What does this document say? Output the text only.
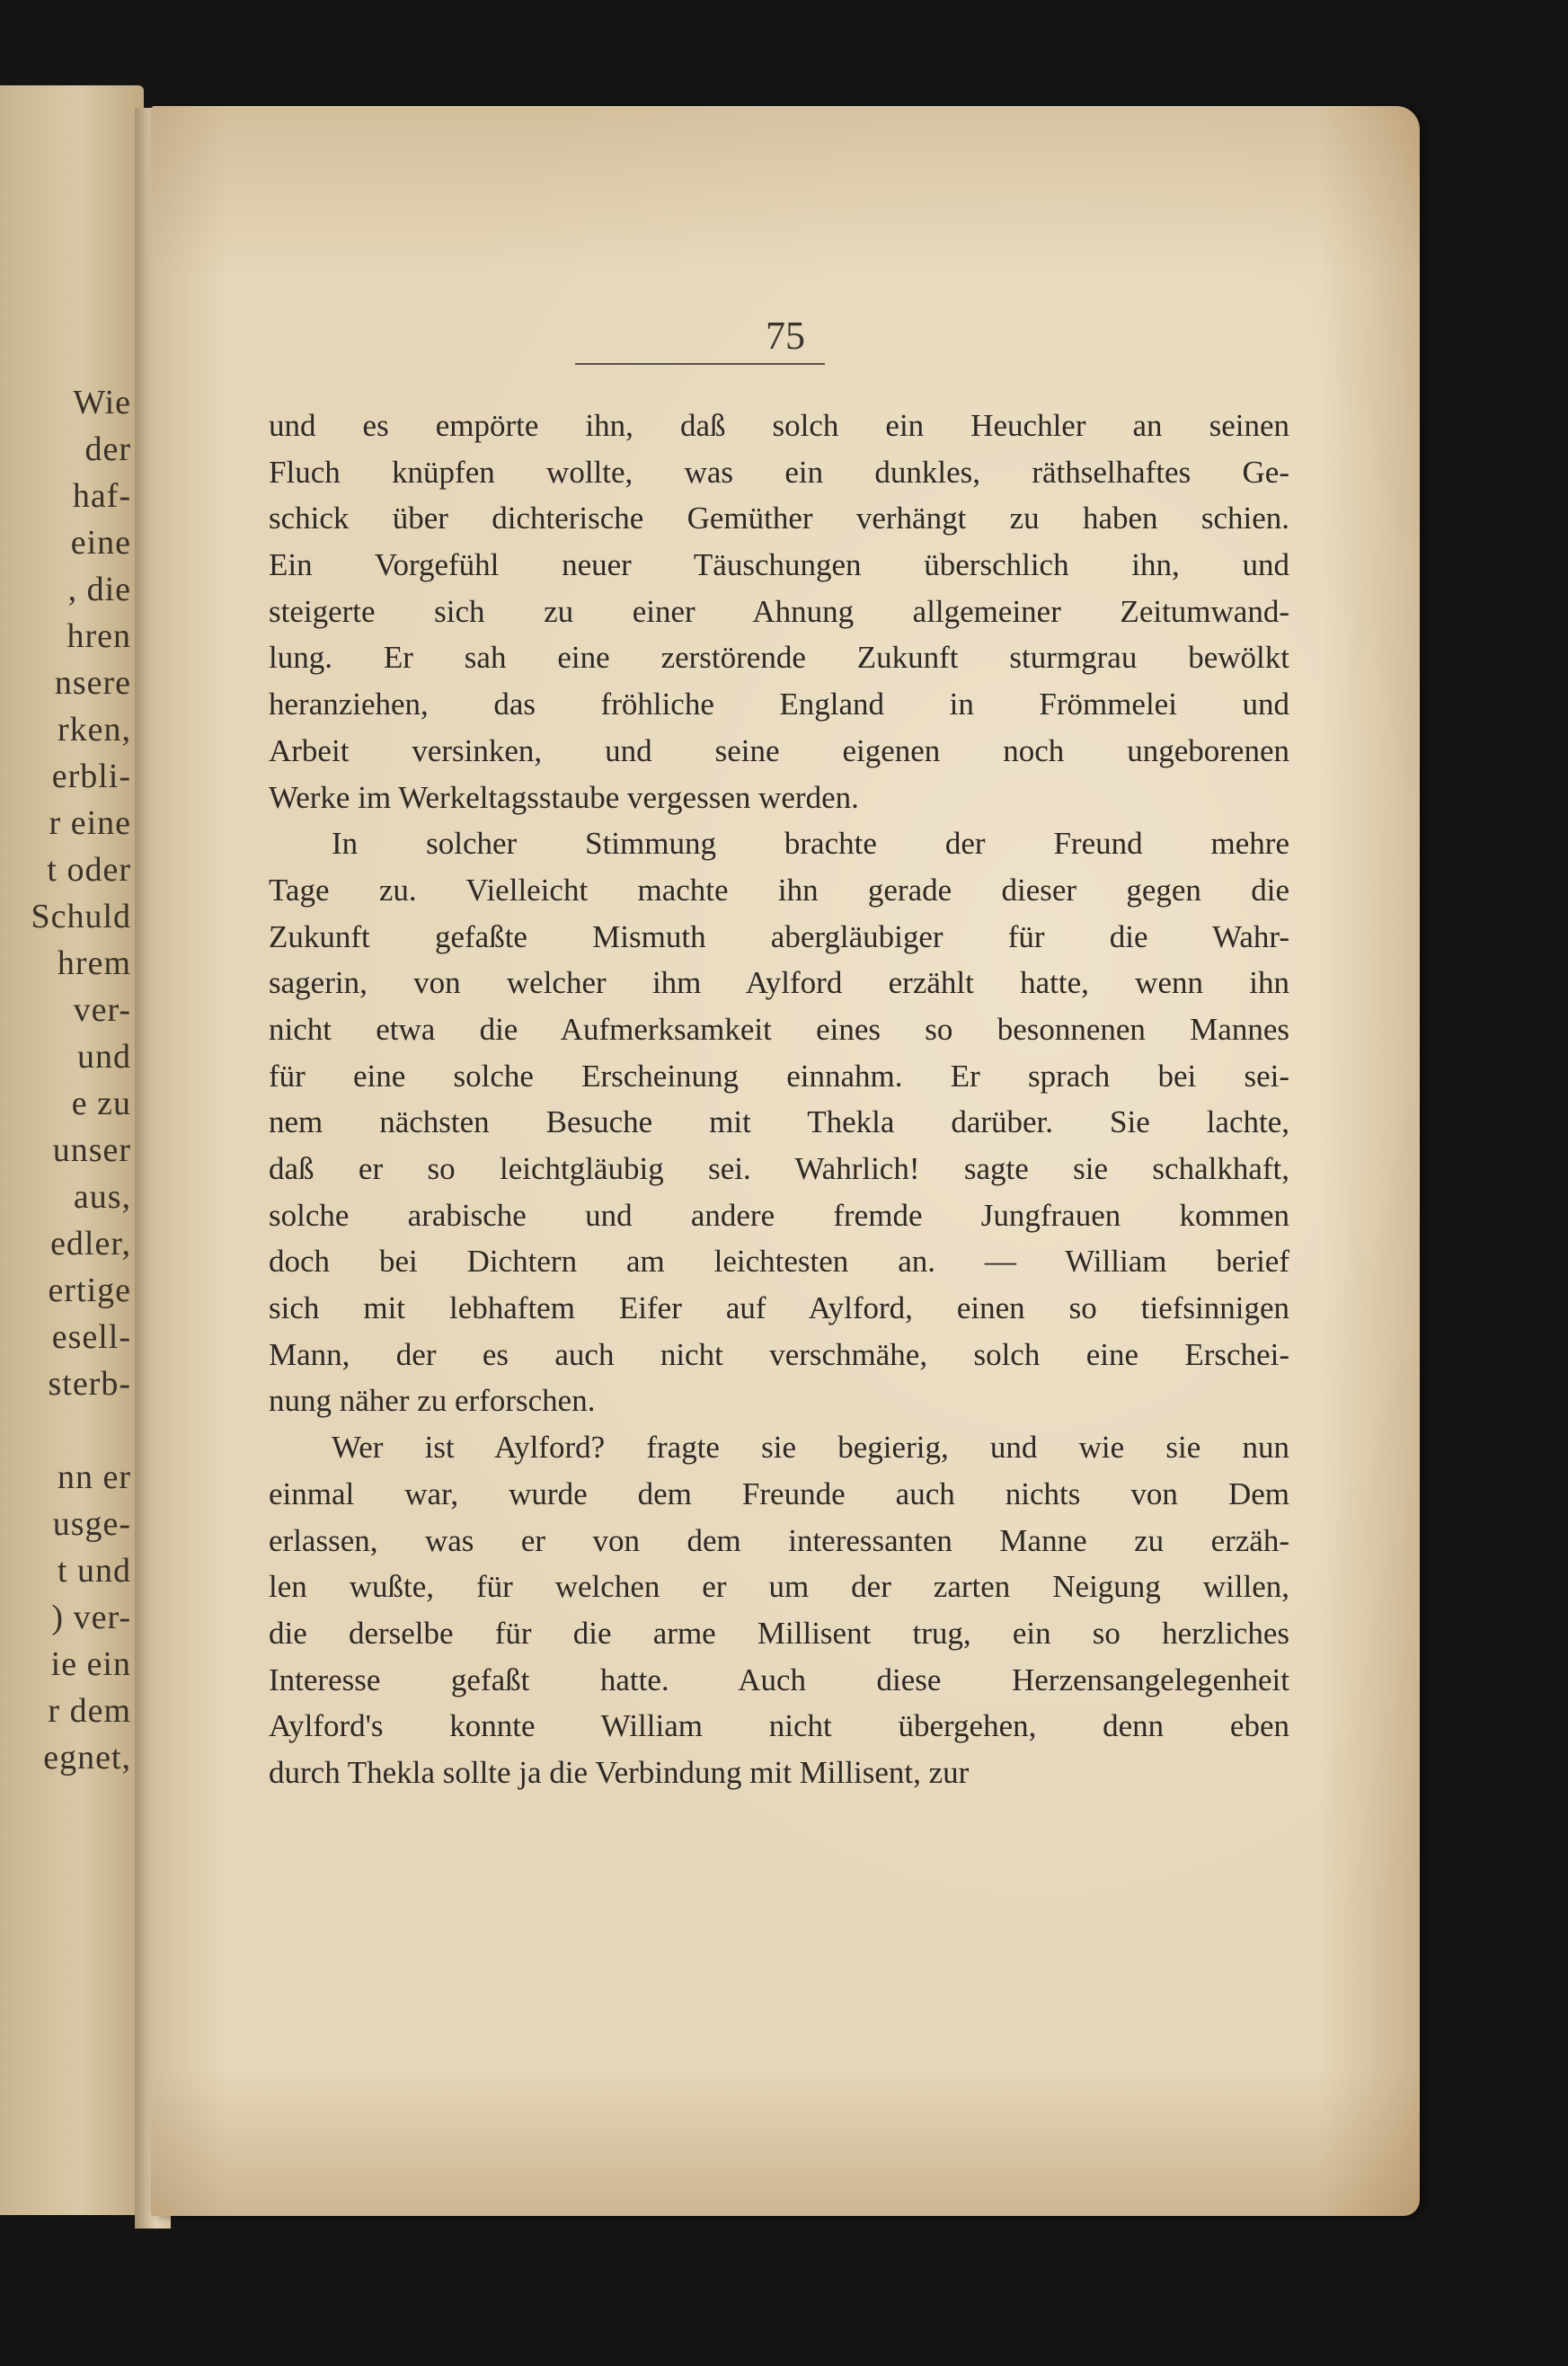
Wie
der
haf-
eine
, die
hren
nsere
rken,
erbli-
r eine
t oder
Schuld
hrem
ver-
und
e zu
unser
aus,
edler,
ertige
esell-
sterb-
nn er
usge-
t und
) ver-
ie ein
r dem
egnet,
75
und es empörte ihn, daß solch ein Heuchler an seinen
Fluch knüpfen wollte, was ein dunkles, räthselhaftes Ge-
schick über dichterische Gemüther verhängt zu haben schien.
Ein Vorgefühl neuer Täuschungen überschlich ihn, und
steigerte sich zu einer Ahnung allgemeiner Zeitumwand-
lung. Er sah eine zerstörende Zukunft sturmgrau bewölkt
heranziehen, das fröhliche England in Frömmelei und
Arbeit versinken, und seine eigenen noch ungeborenen
Werke im Werkeltagsstaube vergessen werden.
In solcher Stimmung brachte der Freund mehre
Tage zu. Vielleicht machte ihn gerade dieser gegen die
Zukunft gefaßte Mismuth abergläubiger für die Wahr-
sagerin, von welcher ihm Aylford erzählt hatte, wenn ihn
nicht etwa die Aufmerksamkeit eines so besonnenen Mannes
für eine solche Erscheinung einnahm. Er sprach bei sei-
nem nächsten Besuche mit Thekla darüber. Sie lachte,
daß er so leichtgläubig sei. Wahrlich! sagte sie schalkhaft,
solche arabische und andere fremde Jungfrauen kommen
doch bei Dichtern am leichtesten an. — William berief
sich mit lebhaftem Eifer auf Aylford, einen so tiefsinnigen
Mann, der es auch nicht verschmähe, solch eine Erschei-
nung näher zu erforschen.
Wer ist Aylford? fragte sie begierig, und wie sie nun
einmal war, wurde dem Freunde auch nichts von Dem
erlassen, was er von dem interessanten Manne zu erzäh-
len wußte, für welchen er um der zarten Neigung willen,
die derselbe für die arme Millisent trug, ein so herzliches
Interesse gefaßt hatte. Auch diese Herzensangelegenheit
Aylford's konnte William nicht übergehen, denn eben
durch Thekla sollte ja die Verbindung mit Millisent, zur
